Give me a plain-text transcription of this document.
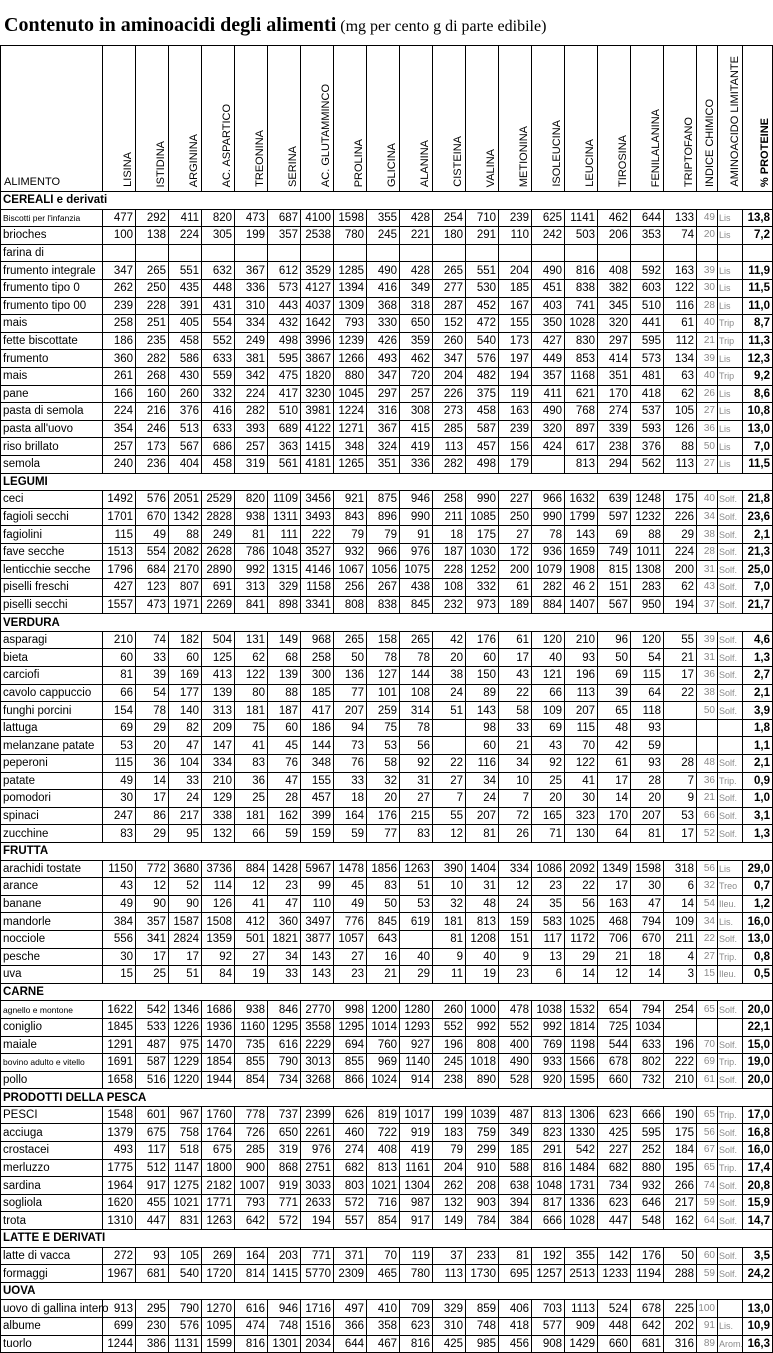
Contenuto in aminoacidi degli alimenti (mg per cento g di parte edibile)
ALIMENTO	LISINA	ISTIDINA	ARGININA	AC. ASPARTICO	TREONINA	SERINA	AC. GLUTAMMINCO	PROLINA	GLICINA	ALANINA	CISTEINA	VALINA	METIONINA	ISOLEUCINA	LEUCINA	TIROSINA	FENILALANINA	TRIPTOFANO	INDICE CHIMICO	AMINOACIDO LIMITANTE	% PROTEINE
CEREALI e derivati																					
Biscotti per l'infanzia	477	292	411	820	473	687	4100	1598	355	428	254	710	239	625	1141	462	644	133	49	Lis	13,8
brioches	100	138	224	305	199	357	2538	780	245	221	180	291	110	242	503	206	353	74	20	Lis	7,2
farina di																					
frumento integrale	347	265	551	632	367	612	3529	1285	490	428	265	551	204	490	816	408	592	163	39	Lis	11,9
frumento tipo 0	262	250	435	448	336	573	4127	1394	416	349	277	530	185	451	838	382	603	122	30	Lis	11,5
frumento tipo 00	239	228	391	431	310	443	4037	1309	368	318	287	452	167	403	741	345	510	116	28	Lis	11,0
mais	258	251	405	554	334	432	1642	793	330	650	152	472	155	350	1028	320	441	61	40	Trip	8,7
fette biscottate	186	235	458	552	249	498	3996	1239	426	359	260	540	173	427	830	297	595	112	21	Trip	11,3
frumento	360	282	586	633	381	595	3867	1266	493	462	347	576	197	449	853	414	573	134	39	Lis	12,3
mais	261	268	430	559	342	475	1820	880	347	720	204	482	194	357	1168	351	481	63	40	Trip	9,2
pane	166	160	260	332	224	417	3230	1045	297	257	226	375	119	411	621	170	418	62	26	Lis	8,6
pasta di semola	224	216	376	416	282	510	3981	1224	316	308	273	458	163	490	768	274	537	105	27	Lis	10,8
pasta all'uovo	354	246	513	633	393	689	4122	1271	367	415	285	587	239	320	897	339	593	126	36	Lis	13,0
riso brillato	257	173	567	686	257	363	1415	348	324	419	113	457	156	424	617	238	376	88	50	Lis	7,0
semola	240	236	404	458	319	561	4181	1265	351	336	282	498	179		813	294	562	113	27	Lis	11,5
LEGUMI																					
ceci	1492	576	2051	2529	820	1109	3456	921	875	946	258	990	227	966	1632	639	1248	175	40	Solf.	21,8
fagioli secchi	1701	670	1342	2828	938	1311	3493	843	896	990	211	1085	250	990	1799	597	1232	226	34	Solf.	23,6
fagiolini	115	49	88	249	81	111	222	79	79	91	18	175	27	78	143	69	88	29	38	Solf.	2,1
fave secche	1513	554	2082	2628	786	1048	3527	932	966	976	187	1030	172	936	1659	749	1011	224	28	Solf.	21,3
lenticchie secche	1796	684	2170	2890	992	1315	4146	1067	1056	1075	228	1252	200	1079	1908	815	1308	200	31	Solf.	25,0
piselli freschi	427	123	807	691	313	329	1158	256	267	438	108	332	61	282	46 2	151	283	62	43	Solf.	7,0
piselli secchi	1557	473	1971	2269	841	898	3341	808	838	845	232	973	189	884	1407	567	950	194	37	Solf.	21,7
VERDURA																					
asparagi	210	74	182	504	131	149	968	265	158	265	42	176	61	120	210	96	120	55	39	Solf.	4,6
bieta	60	33	60	125	62	68	258	50	78	78	20	60	17	40	93	50	54	21	31	Solf.	1,3
carciofi	81	39	169	413	122	139	300	136	127	144	38	150	43	121	196	69	115	17	36	Solf.	2,7
cavolo cappuccio	66	54	177	139	80	88	185	77	101	108	24	89	22	66	113	39	64	22	38	Solf.	2,1
funghi porcini	154	78	140	313	181	187	417	207	259	314	51	143	58	109	207	65	118		50	Solf.	3,9
lattuga	69	29	82	209	75	60	186	94	75	78		98	33	69	115	48	93				1,8
melanzane patate	53	20	47	147	41	45	144	73	53	56		60	21	43	70	42	59				1,1
peperoni	115	36	104	334	83	76	348	76	58	92	22	116	34	92	122	61	93	28	48	Solf.	2,1
patate	49	14	33	210	36	47	155	33	32	31	27	34	10	25	41	17	28	7	36	Trip.	0,9
pomodori	30	17	24	129	25	28	457	18	20	27	7	24	7	20	30	14	20	9	21	Solf.	1,0
spinaci	247	86	217	338	181	162	399	164	176	215	55	207	72	165	323	170	207	53	66	Solf.	3,1
zucchine	83	29	95	132	66	59	159	59	77	83	12	81	26	71	130	64	81	17	52	Solf.	1,3
FRUTTA																					
arachidi tostate	1150	772	3680	3736	884	1428	5967	1478	1856	1263	390	1404	334	1086	2092	1349	1598	318	56	Lis	29,0
arance	43	12	52	114	12	23	99	45	83	51	10	31	12	23	22	17	30	6	32	Treo	0,7
banane	49	90	90	126	41	47	110	49	50	53	32	48	24	35	56	163	47	14	54	Ileu.	1,2
mandorle	384	357	1587	1508	412	360	3497	776	845	619	181	813	159	583	1025	468	794	109	34	Lis.	16,0
nocciole	556	341	2824	1359	501	1821	3877	1057	643		81	1208	151	117	1172	706	670	211	22	Solf.	13,0
pesche	30	17	17	92	27	34	143	27	16	40	9	40	9	13	29	21	18	4	27	Trip.	0,8
uva	15	25	51	84	19	33	143	23	21	29	11	19	23	6	14	12	14	3	15	Ileu.	0,5
CARNE																					
agnello e montone	1622	542	1346	1686	938	846	2770	998	1200	1280	260	1000	478	1038	1532	654	794	254	65	Solf.	20,0
coniglio	1845	533	1226	1936	1160	1295	3558	1295	1014	1293	552	992	552	992	1814	725	1034				22,1
maiale	1291	487	975	1470	735	616	2229	694	760	927	196	808	400	769	1198	544	633	196	70	Solf.	15,0
bovino adulto e vitello	1691	587	1229	1854	855	790	3013	855	969	1140	245	1018	490	933	1566	678	802	222	69	Trip.	19,0
pollo	1658	516	1220	1944	854	734	3268	866	1024	914	238	890	528	920	1595	660	732	210	61	Solf.	20,0
PRODOTTI DELLA PESCA																					
PESCI	1548	601	967	1760	778	737	2399	626	819	1017	199	1039	487	813	1306	623	666	190	65	Trip.	17,0
acciuga	1379	675	758	1764	726	650	2261	460	722	919	183	759	349	823	1330	425	595	175	56	Solf.	16,8
crostacei	493	117	518	675	285	319	976	274	408	419	79	299	185	291	542	227	252	184	67	Solf.	16,0
merluzzo	1775	512	1147	1800	900	868	2751	682	813	1161	204	910	588	816	1484	682	880	195	65	Trip.	17,4
sardina	1964	917	1275	2182	1007	919	3033	803	1021	1304	262	208	638	1048	1731	734	932	266	74	Solf.	20,8
sogliola	1620	455	1021	1771	793	771	2633	572	716	987	132	903	394	817	1336	623	646	217	59	Solf.	15,9
trota	1310	447	831	1263	642	572	194	557	854	917	149	784	384	666	1028	447	548	162	64	Solf.	14,7
LATTE E DERIVATI																					
latte di vacca	272	93	105	269	164	203	771	371	70	119	37	233	81	192	355	142	176	50	60	Solf.	3,5
formaggi	1967	681	540	1720	814	1415	5770	2309	465	780	113	1730	695	1257	2513	1233	1194	288	59	Solf.	24,2
UOVA																					
uovo di gallina intero	913	295	790	1270	616	946	1716	497	410	709	329	859	406	703	1113	524	678	225	100		13,0
albume	699	230	576	1095	474	748	1516	366	358	623	310	748	418	577	909	448	642	202	91	Lis.	10,9
tuorlo	1244	386	1131	1599	816	1301	2034	644	467	816	425	985	456	908	1429	660	681	316	89	Arom.	16,3
